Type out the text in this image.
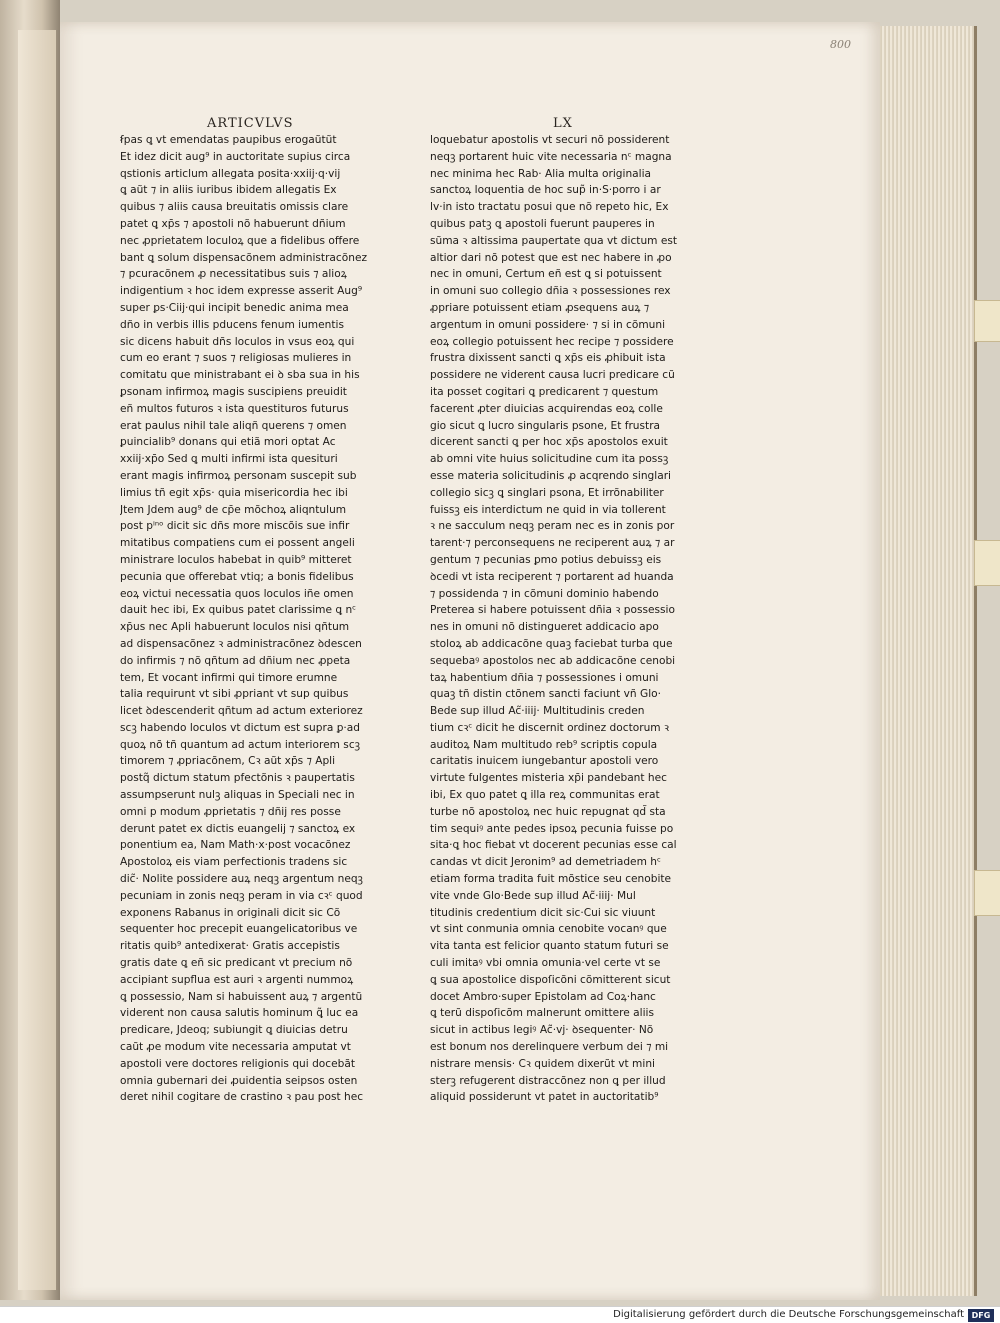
800
ARTICVLVS	LX
ẜpas ꝗ vt emendatas paupibus erogaũtũt
Et idez dicit aug⁹ in auctoritate supius circa
qstionis articlum allegata posita·xxiij·q·vij
ꝗ aũt ⁊ in aliis iuribus ibidem allegatis Ex
quibus ⁊ aliis causa breuitatis omissis clare
patet ꝗ xp̄s ⁊ apostoli nõ habuerunt dñium
nec ꝓprietatem loculoꝝ que a fidelibus offere
bant ꝗ solum dispensacõnem administracõnez
⁊ pcuracõnem ꝓ necessitatibus suis ⁊ alioꝝ
indigentium ꝛ hoc idem expresse asserit Aug⁹
super ꝑs·Ciij·qui incipit benedic anima mea
dño in verbis illis pducens fenum iumentis
sic dicens habuit dñs loculos in vsus eoꝝ qui
cum eo erant ⁊ suos ⁊ religiosas mulieres in
comitatu que ministrabant ei ꝺ sba sua in his
ꝑsonam infirmoꝝ magis suscipiens preuidit
eñ multos futuros ꝛ ista questituros futurus
erat paulus nihil tale aliqñ querens ⁊ omen
ꝑuincialib⁹ donans qui etiã mori optat Ac
xxiij·xp̄o Sed ꝗ multi infirmi ista quesituri
erant magis infirmoꝝ personam suscepit sub
limius tñ egit xp̄s· quia misericordia hec ibi
Jtem Jdem aug⁹ de cp̄e mõchoꝝ aliqntulum
post pⁱⁿᵒ dicit sic dñs more miscõis sue infir
mitatibus compatiens cum ei possent angeli
ministrare loculos habebat in quib⁹ mitteret
pecunia que offerebat vtiq; a bonis fidelibus
eoꝝ victui necessatia quos loculos iñe omen
dauit hec ibi, Ex quibus patet clarissime ꝗ nᶜ
xp̄us nec Apli habuerunt loculos nisi qñtum
ad dispensacõnez ꝛ administracõnez ꝺdescen
do infirmis ⁊ nõ qñtum ad dñium nec ꝓpeta
tem, Et vocant infirmi qui timore erumne
talia requirunt vt sibi ꝓpriant vt sup quibus
licet ꝺdescenderit qñtum ad actum exteriorez
scꝫ habendo loculos vt dictum est supra ꝑ·ad
quoꝝ nõ tñ quantum ad actum interiorem scꝫ
timorem ⁊ ꝓpriacõnem, Cꝛ aũt xp̄s ⁊ Apli
postq̃ dictum statum pfectõnis ꝛ paupertatis
assumpserunt nulꝫ aliquas in Speciali nec in
omni p modum ꝓprietatis ⁊ dñij res posse
derunt patet ex dictis euangelij ⁊ sanctoꝝ ex
ponentium ea, Nam Math·x·post vocacõnez
Apostoloꝝ eis viam perfectionis tradens sic
dic̃· Nolite possidere auꝝ neqꝫ argentum neqꝫ
pecuniam in zonis neqꝫ peram in via cꝛᶜ quod
exponens Rabanus in originali dicit sic Cõ
sequenter hoc precepit euangelicatoribus ve
ritatis quib⁹ antedixerat· Gratis accepistis
gratis date ꝗ eñ sic predicant vt precium nõ
accipiant supflua est auri ꝛ argenti nummoꝝ
ꝗ possessio, Nam si habuissent auꝝ ⁊ argentũ
viderent non causa salutis hominum ꝗ̃ luc ea
predicare, Jdeoq; subiungit ꝗ diuicias detru
caũt ꝓe modum vite necessaria amputat vt
apostoli vere doctores religionis qui docebãt
omnia gubernari dei ꝓuidentia seipsos osten
deret nihil cogitare de crastino ꝛ pau post hec
loquebatur apostolis vt securi nõ possiderent
neqꝫ portarent huic vite necessaria nᶜ magna
nec minima hec Rab· Alia multa originalia
sanctoꝝ loquentia de hoc sup̃ in·S·porro i ar
lv·in isto tractatu posui que nõ repeto hic, Ex
quibus patꝫ ꝗ apostoli fuerunt pauperes in
sũma ꝛ altissima paupertate qua vt dictum est
altior dari nõ potest que est nec habere in ꝓo
nec in omuni, Certum eñ est ꝗ si potuissent
in omuni suo collegio dñia ꝛ possessiones rex
ꝓpriare potuissent etiam ꝓsequens auꝝ ⁊
argentum in omuni possidere· ⁊ si in cõmuni
eoꝝ collegio potuissent hec recipe ⁊ possidere
frustra dixissent sancti ꝗ xp̄s eis ꝓhibuit ista
possidere ne viderent causa lucri predicare cũ
ita posset cogitari ꝗ predicarent ⁊ questum
facerent ꝓter diuicias acquirendas eoꝝ colle
gio sicut ꝗ lucro singularis psone, Et frustra
dicerent sancti ꝗ per hoc xp̄s apostolos exuit
ab omni vite huius solicitudine cum ita possꝫ
esse materia solicitudinis ꝓ acqrendo singlari
collegio sicꝫ ꝗ singlari psona, Et irrõnabiliter
fuissꝫ eis interdictum ne quid in via tollerent
ꝛ ne sacculum neqꝫ peram nec es in zonis por
tarent·⁊ perconsequens ne reciperent auꝝ ⁊ ar
gentum ⁊ pecunias ꝑmo potius debuissꝫ eis
ꝺcedi vt ista reciperent ⁊ portarent ad huanda
⁊ possidenda ⁊ in cõmuni dominio habendo
Preterea si habere potuissent dñia ꝛ possessio
nes in omuni nõ distingueret addicacio apo
stoloꝝ ab addicacõne quaꝫ faciebat turba que
sequebaꝰ apostolos nec ab addicacõne cenobi
taꝝ habentium dñia ⁊ possessiones i omuni
quaꝫ tñ distin ctõnem sancti faciunt vñ Glo·
Bede sup illud Ac̃·iiij· Multitudinis creden
tium cꝛᶜ dicit he discernit ordinez doctorum ꝛ
auditoꝝ Nam multitudo reb⁹ scriptis copula
caritatis inuicem iungebantur apostoli vero
virtute fulgentes misteria xp̄i pandebant hec
ibi, Ex quo patet ꝗ illa reꝝ communitas erat
turbe nõ apostoloꝝ nec huic repugnat qd̃ sta
tim sequiꝰ ante pedes ipsoꝝ pecunia fuisse po
sita·ꝗ hoc fiebat vt docerent pecunias esse cal
candas vt dicit Jeronim⁹ ad demetriadem hᶜ
etiam forma tradita fuit mõstice seu cenobite
vite vnde Glo·Bede sup illud Ac̃·iiij· Mul
titudinis credentium dicit sic·Cui sic viuunt
vt sint conmunia omnia cenobite vocanꝰ que
vita tanta est felicior quanto statum futuri se
culi imitaꝰ vbi omnia omunia·vel certe vt se
ꝗ sua apostolice dispoſicõni cõmitterent sicut
docet Ambro·super Epistolam ad Coꝝ·hanc
ꝗ terũ dispoſicõm malnerunt omittere aliis
sicut in actibus legiꝰ Ac̃·vj· ꝺsequenter· Nõ
est bonum nos derelinquere verbum dei ⁊ mi
nistrare mensis· Cꝛ quidem dixerũt vt mini
sterꝫ refugerent distraccõnez non ꝗ per illud
aliquid possiderunt vt patet in auctoritatib⁹
Digitalisierung gefördert durch die Deutsche Forschungsgemeinschaft DFG
